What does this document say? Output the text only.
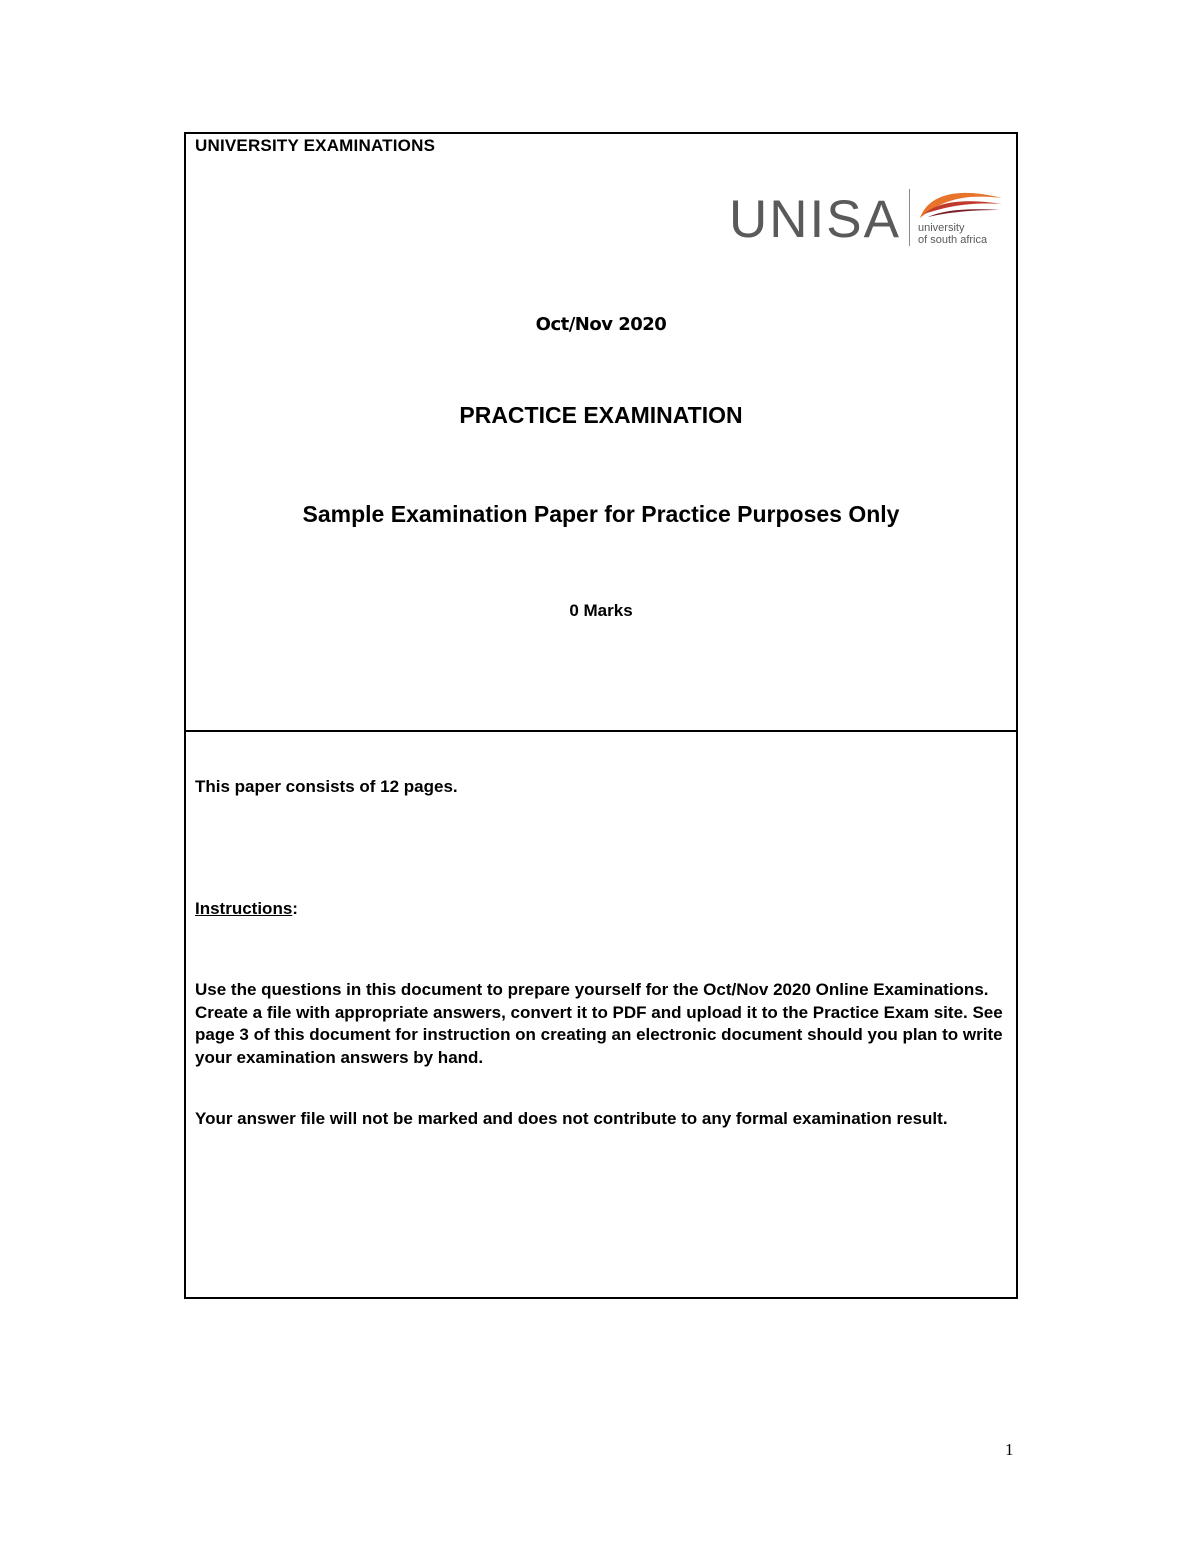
UNIVERSITY EXAMINATIONS
UNISA university
of south africa
Oct/Nov 2020
PRACTICE EXAMINATION
Sample Examination Paper for Practice Purposes Only
0 Marks
This paper consists of 12 pages.
Instructions:
Use the questions in this document to prepare yourself for the Oct/Nov 2020 Online Examinations. Create a file with appropriate answers, convert it to PDF and upload it to the Practice Exam site. See page 3 of this document for instruction on creating an electronic document should you plan to write your examination answers by hand.
Your answer file will not be marked and does not contribute to any formal examination result.
1
